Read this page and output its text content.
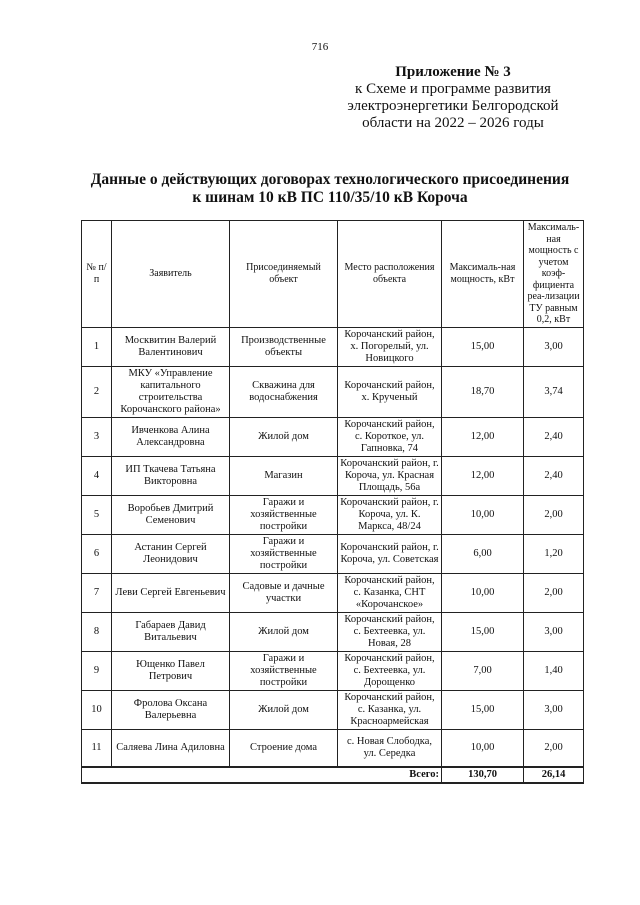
716
Приложение № 3
к Схеме и программе развития
электроэнергетики Белгородской
области на 2022 – 2026 годы
Данные о действующих договорах технологического присоединения
к шинам 10 кВ ПС 110/35/10 кВ Короча
№ п/п	Заявитель	Присоединяемый объект	Место расположения объекта	Максималь-ная мощность, кВт	Максималь-ная мощность с учетом коэф-фициента реа-лизации ТУ равным 0,2, кВт
1	Москвитин Валерий Валентинович	Производственные объекты	Корочанский район, х. Погорелый, ул. Новицкого	15,00	3,00
2	МКУ «Управление капитального строительства Корочанского района»	Скважина для водоснабжения	Корочанский район, х. Крученый	18,70	3,74
3	Ивченкова Алина Александровна	Жилой дом	Корочанский район, с. Короткое, ул. Гапновка, 74	12,00	2,40
4	ИП Ткачева Татьяна Викторовна	Магазин	Корочанский район, г. Короча, ул. Красная Площадь, 56а	12,00	2,40
5	Воробьев Дмитрий Семенович	Гаражи и хозяйственные постройки	Корочанский район, г. Короча, ул. К. Маркса, 48/24	10,00	2,00
6	Астанин Сергей Леонидович	Гаражи и хозяйственные постройки	Корочанский район, г. Короча, ул. Советская	6,00	1,20
7	Леви Сергей Евгеньевич	Садовые и дачные участки	Корочанский район, с. Казанка, СНТ «Корочанское»	10,00	2,00
8	Габараев Давид Витальевич	Жилой дом	Корочанский район, с. Бехтеевка, ул. Новая, 28	15,00	3,00
9	Ющенко Павел Петрович	Гаражи и хозяйственные постройки	Корочанский район, с. Бехтеевка, ул. Дорощенко	7,00	1,40
10	Фролова Оксана Валерьевна	Жилой дом	Корочанский район, с. Казанка, ул. Красноармейская	15,00	3,00
11	Саляева Лина Адиловна	Строение дома	с. Новая Слободка, ул. Середка	10,00	2,00
Всего:				130,70	26,14
